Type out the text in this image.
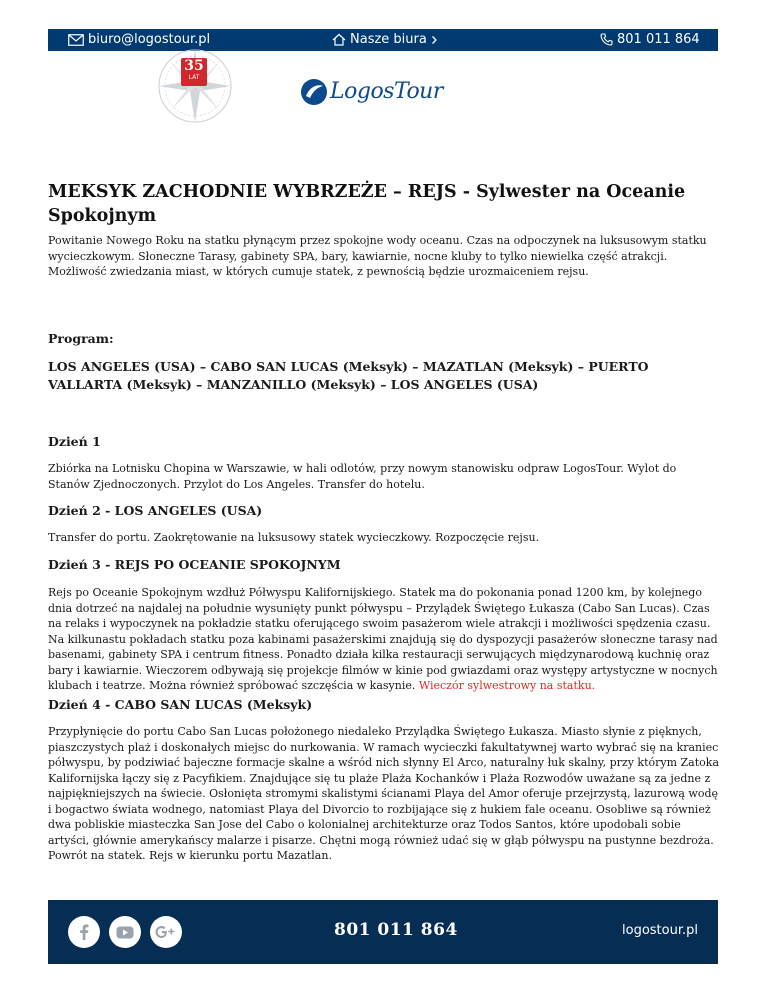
biuro@logostour.pl	Nasze biura	801 011 864
35
LAT
LogosTour
MEKSYK ZACHODNIE WYBRZEŻE – REJS - Sylwester na Oceanie Spokojnym

Powitanie Nowego Roku na statku płynącym przez spokojne wody oceanu. Czas na odpoczynek na luksusowym statku wycieczkowym. Słoneczne Tarasy, gabinety SPA, bary, kawiarnie, nocne kluby to tylko niewielka część atrakcji. Możliwość zwiedzania miast, w których cumuje statek, z pewnością będzie urozmaiceniem rejsu.

Program:
LOS ANGELES (USA) – CABO SAN LUCAS (Meksyk) – MAZATLAN (Meksyk) – PUERTO VALLARTA (Meksyk) – MANZANILLO (Meksyk) – LOS ANGELES (USA)
Dzień 1

Zbiórka na Lotnisku Chopina w Warszawie, w hali odlotów, przy nowym stanowisku odpraw LogosTour. Wylot do Stanów Zjednoczonych. Przylot do Los Angeles. Transfer do hotelu.

Dzień 2 - LOS ANGELES (USA)

Transfer do portu. Zaokrętowanie na luksusowy statek wycieczkowy. Rozpoczęcie rejsu.

Dzień 3 - REJS PO OCEANIE SPOKOJNYM

Rejs po Oceanie Spokojnym wzdłuż Półwyspu Kalifornijskiego. Statek ma do pokonania ponad 1200 km, by kolejnego dnia dotrzeć na najdalej na południe wysunięty punkt półwyspu – Przylądek Świętego Łukasza (Cabo San Lucas). Czas na relaks i wypoczynek na pokładzie statku oferującego swoim pasażerom wiele atrakcji i możliwości spędzenia czasu. Na kilkunastu pokładach statku poza kabinami pasażerskimi znajdują się do dyspozycji pasażerów słoneczne tarasy nad basenami, gabinety SPA i centrum fitness. Ponadto działa kilka restauracji serwujących międzynarodową kuchnię oraz bary i kawiarnie. Wieczorem odbywają się projekcje filmów w kinie pod gwiazdami oraz występy artystyczne w nocnych klubach i teatrze. Można również spróbować szczęścia w kasynie. Wieczór sylwestrowy na statku.

Dzień 4 - CABO SAN LUCAS (Meksyk)

Przypłynięcie do portu Cabo San Lucas położonego niedaleko Przylądka Świętego Łukasza. Miasto słynie z pięknych, piaszczystych plaż i doskonałych miejsc do nurkowania. W ramach wycieczki fakultatywnej warto wybrać się na kraniec półwyspu, by podziwiać bajeczne formacje skalne a wśród nich słynny El Arco, naturalny łuk skalny, przy którym Zatoka Kalifornijska łączy się z Pacyfikiem. Znajdujące się tu plaże Plaża Kochanków i Plaża Rozwodów uważane są za jedne z najpiękniejszych na świecie. Osłonięta stromymi skalistymi ścianami Playa del Amor oferuje przejrzystą, lazurową wodę i bogactwo świata wodnego, natomiast Playa del Divorcio to rozbijające się z hukiem fale oceanu. Osobliwe są również dwa pobliskie miasteczka San Jose del Cabo o kolonialnej architekturze oraz Todos Santos, które upodobali sobie artyści, głównie amerykańscy malarze i pisarze. Chętni mogą również udać się w głąb półwyspu na pustynne bezdroża. Powrót na statek. Rejs w kierunku portu Mazatlan.

801 011 864	logostour.pl
